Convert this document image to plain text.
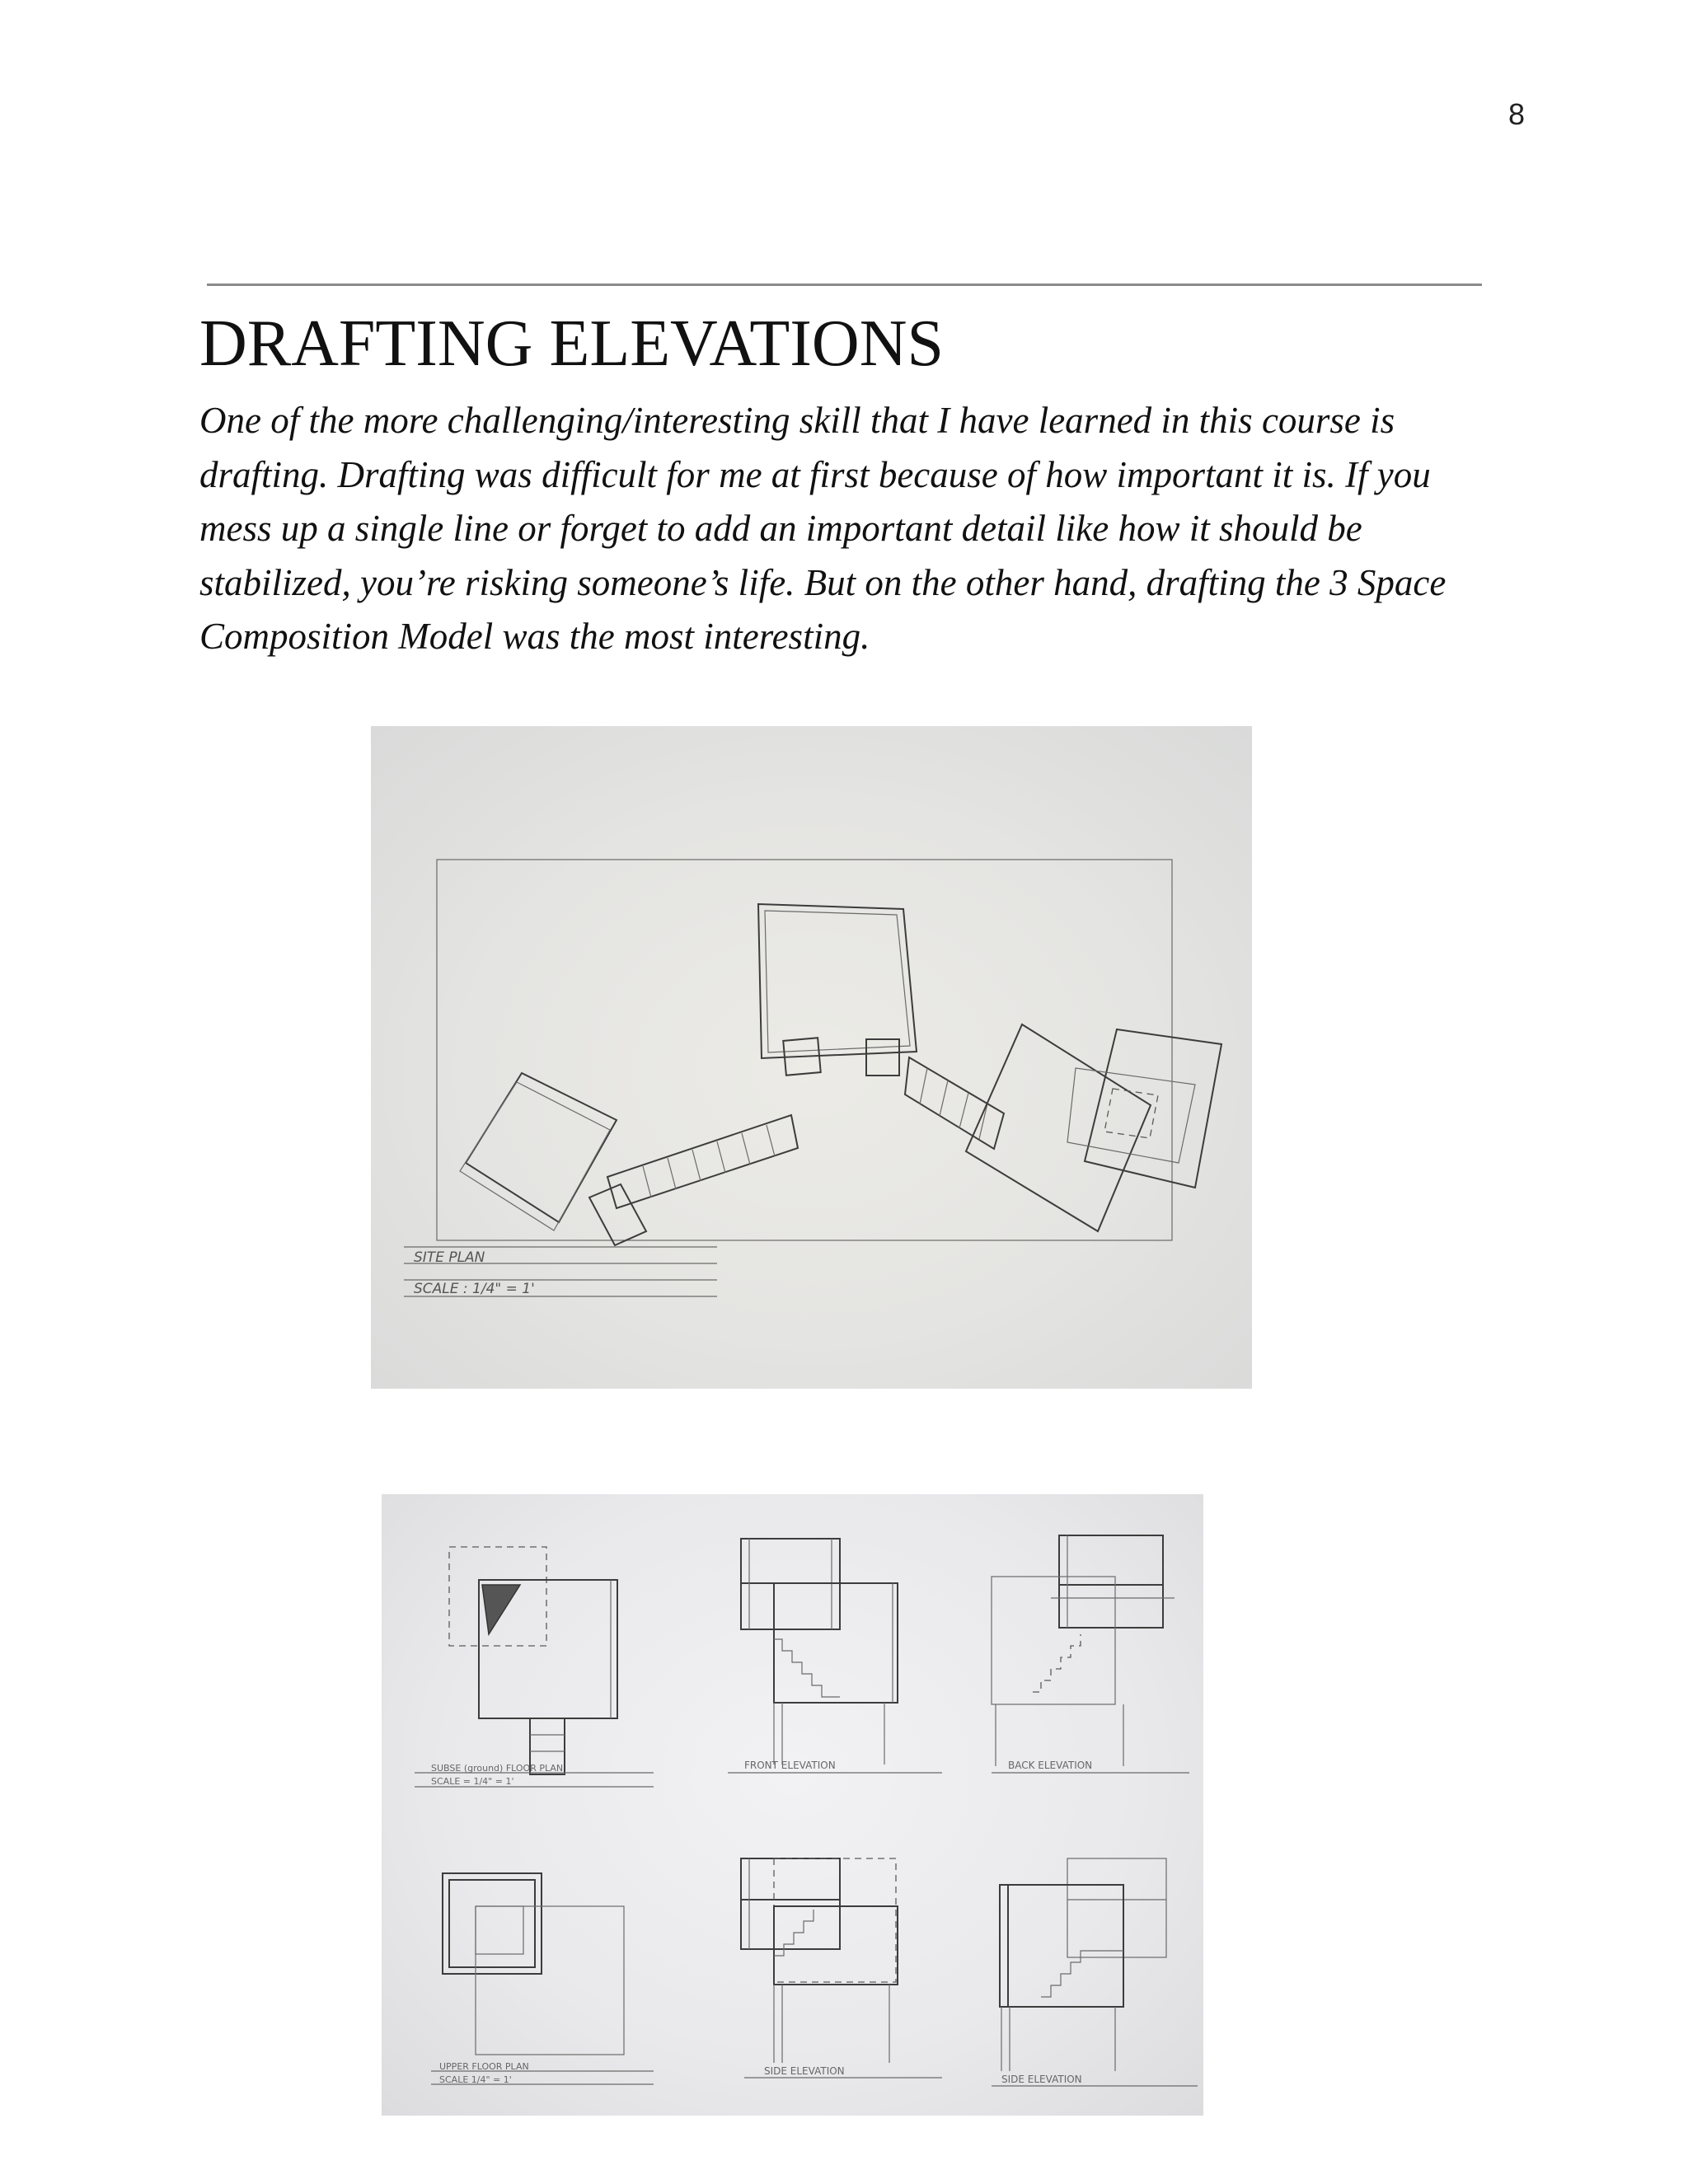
8
DRAFTING ELEVATIONS

One of the more challenging/interesting skill that I have learned in this course is drafting. Drafting was difficult for me at first because of how important it is. If you mess up a single line or forget to add an important detail like how it should be stabilized, you’re risking someone’s life. But on the other hand, drafting the 3 Space Composition Model was the most interesting.

SITE PLAN
SCALE : 1/4" = 1'
SUBSE (ground) FLOOR PLAN
SCALE = 1/4" = 1'
FRONT ELEVATION	BACK ELEVATION
UPPER FLOOR PLAN
SCALE 1/4" = 1'
SIDE ELEVATION
SIDE ELEVATION
